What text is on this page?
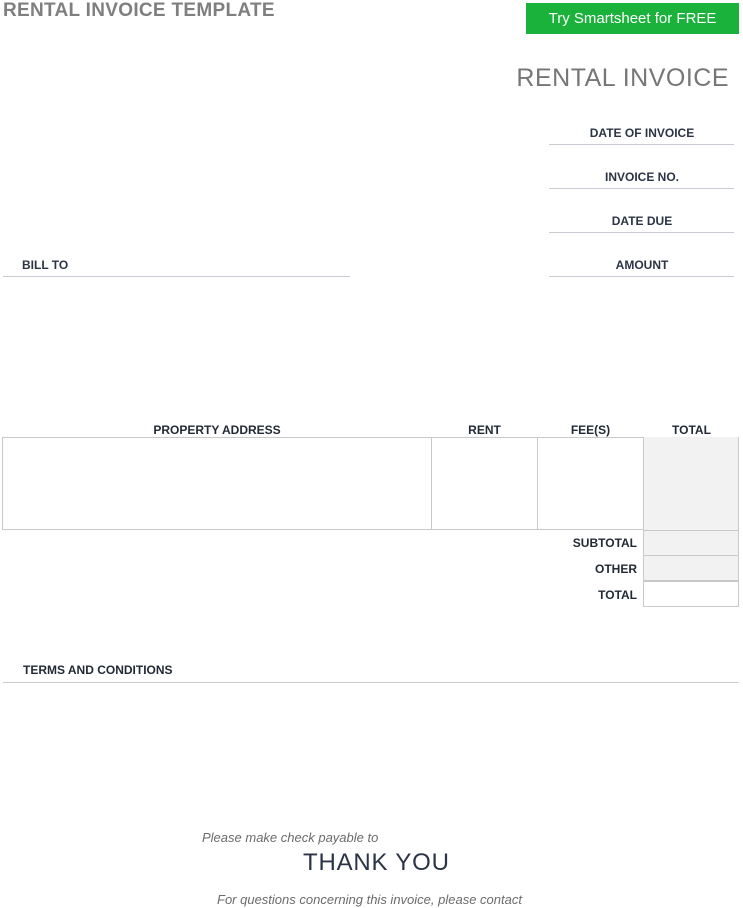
RENTAL INVOICE TEMPLATE	Try Smartsheet for FREE
RENTAL INVOICE
DATE OF INVOICE
INVOICE NO.
DATE DUE
AMOUNT
BILL TO
PROPERTY ADDRESS	RENT	FEE(S)	TOTAL
SUBTOTAL
OTHER
TOTAL
TERMS AND CONDITIONS
Please make check payable to
THANK YOU
For questions concerning this invoice, please contact
